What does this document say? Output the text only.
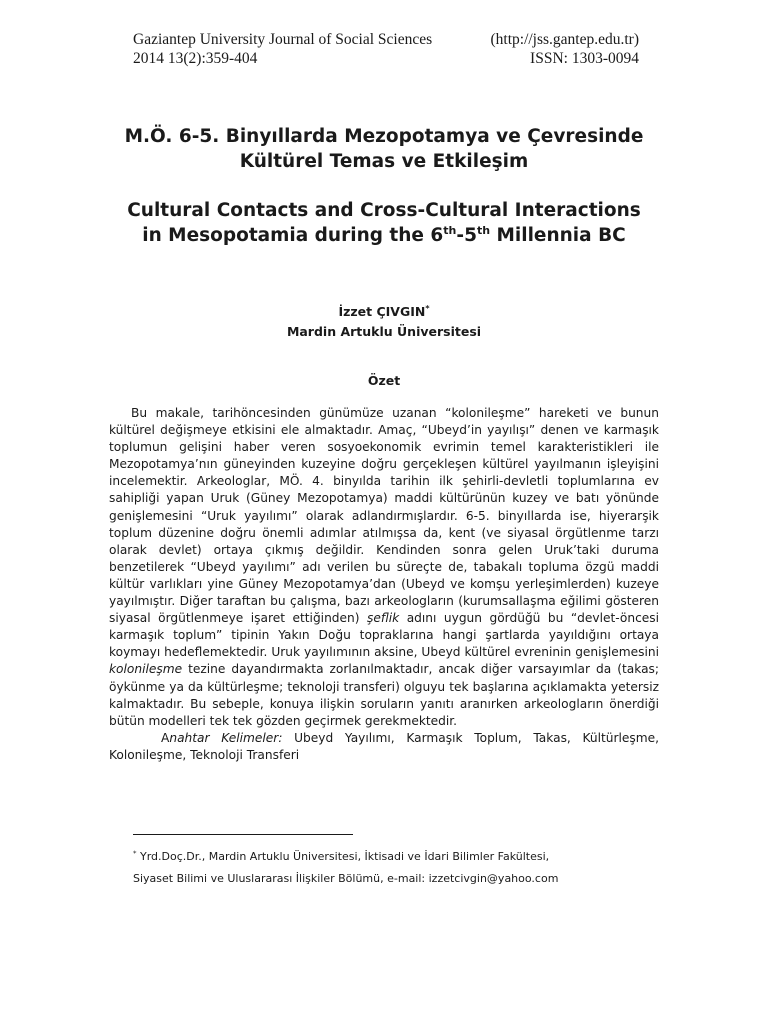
Gaziantep University Journal of Social Sciences	(http://jss.gantep.edu.tr)
2014 13(2):359-404	ISSN: 1303-0094
M.Ö. 6-5. Binyıllarda Mezopotamya ve Çevresinde
Kültürel Temas ve Etkileşim
Cultural Contacts and Cross-Cultural Interactions
in Mesopotamia during the 6th-5th Millennia BC
İzzet ÇIVGIN*
Mardin Artuklu Üniversitesi
Özet

Bu makale, tarihöncesinden günümüze uzanan “kolonileşme” hareketi ve bunun kültürel değişmeye etkisini ele almaktadır. Amaç, “Ubeyd’in yayılışı” denen ve karmaşık toplumun gelişini haber veren sosyoekonomik evrimin temel karakteristikleri ile Mezopotamya’nın güneyinden kuzeyine doğru gerçekleşen kültürel yayılmanın işleyişini incelemektir. Arkeologlar, MÖ. 4. binyılda tarihin ilk şehirli-devletli toplumlarına ev sahipliği yapan Uruk (Güney Mezopotamya) maddi kültürünün kuzey ve batı yönünde genişlemesini “Uruk yayılımı” olarak adlandırmışlardır. 6-5. binyıllarda ise, hiyerarşik toplum düzenine doğru önemli adımlar atılmışsa da, kent (ve siyasal örgütlenme tarzı olarak devlet) ortaya çıkmış değildir. Kendinden sonra gelen Uruk’taki duruma benzetilerek “Ubeyd yayılımı” adı verilen bu süreçte de, tabakalı topluma özgü maddi kültür varlıkları yine Güney Mezopotamya’dan (Ubeyd ve komşu yerleşimlerden) kuzeye yayılmıştır. Diğer taraftan bu çalışma, bazı arkeologların (kurumsallaşma eğilimi gösteren siyasal örgütlenmeye işaret ettiğinden) şeflik adını uygun gördüğü bu “devlet-öncesi karmaşık toplum” tipinin Yakın Doğu topraklarına hangi şartlarda yayıldığını ortaya koymayı hedeflemektedir. Uruk yayılımının aksine, Ubeyd kültürel evreninin genişlemesini kolonileşme tezine dayandırmakta zorlanılmaktadır, ancak diğer varsayımlar da (takas; öykünme ya da kültürleşme; teknoloji transferi) olguyu tek başlarına açıklamakta yetersiz kalmaktadır. Bu sebeple, konuya ilişkin soruların yanıtı aranırken arkeologların önerdiği bütün modelleri tek tek gözden geçirmek gerekmektedir.

Anahtar Kelimeler: Ubeyd Yayılımı, Karmaşık Toplum, Takas, Kültürleşme, Kolonileşme, Teknoloji Transferi

* Yrd.Doç.Dr., Mardin Artuklu Üniversitesi, İktisadi ve İdari Bilimler Fakültesi,
Siyaset Bilimi ve Uluslararası İlişkiler Bölümü, e-mail: izzetcivgin@yahoo.com
